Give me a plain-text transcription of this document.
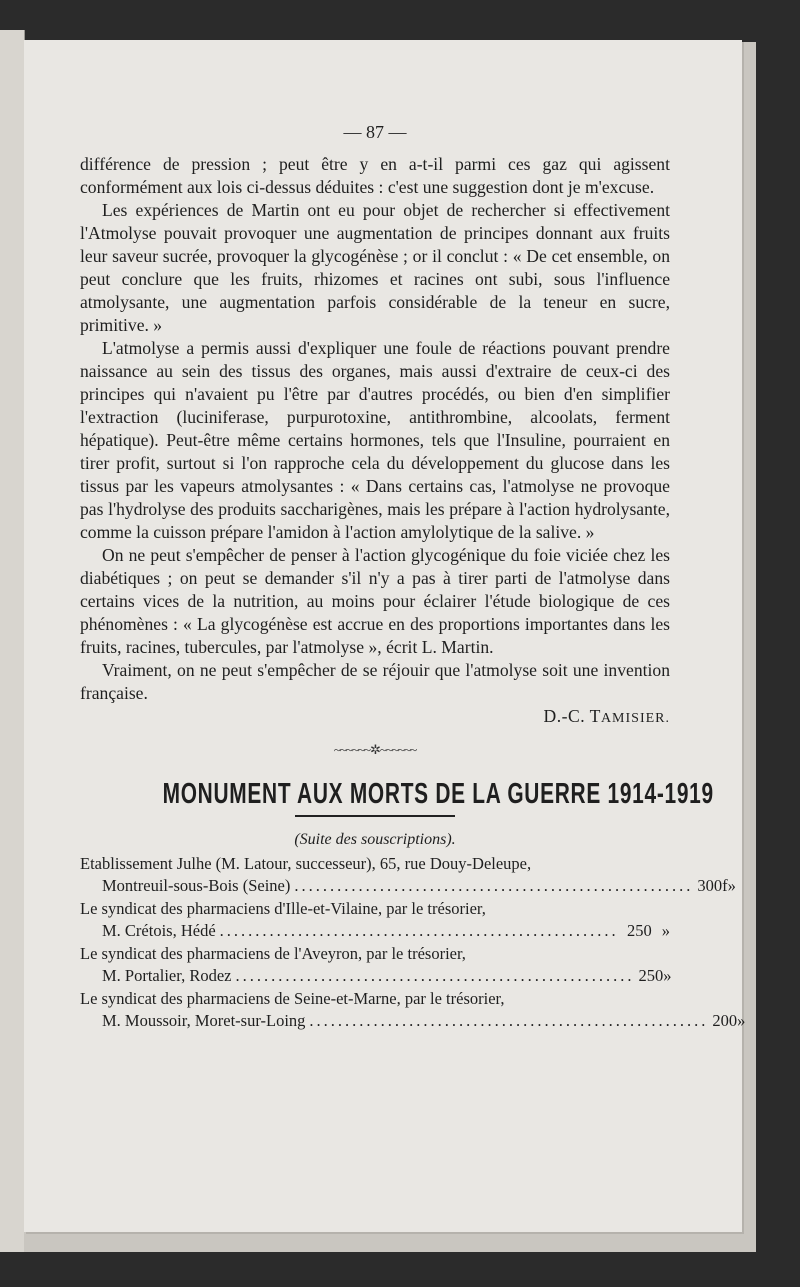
— 87 —

différence de pression ; peut être y en a-t-il parmi ces gaz qui agissent conformément aux lois ci-dessus déduites : c'est une suggestion dont je m'excuse.

Les expériences de Martin ont eu pour objet de rechercher si effectivement l'Atmolyse pouvait provoquer une augmentation de principes donnant aux fruits leur saveur sucrée, provoquer la glycogénèse ; or il conclut : « De cet ensemble, on peut conclure que les fruits, rhizomes et racines ont subi, sous l'influence atmolysante, une augmentation parfois considérable de la teneur en sucre, primitive. »

L'atmolyse a permis aussi d'expliquer une foule de réactions pouvant prendre naissance au sein des tissus des organes, mais aussi d'extraire de ceux-ci des principes qui n'avaient pu l'être par d'autres procédés, ou bien d'en simplifier l'extraction (luciniferase, purpurotoxine, antithrombine, alcoolats, ferment hépatique). Peut-être même certains hormones, tels que l'Insuline, pourraient en tirer profit, surtout si l'on rapproche cela du développement du glucose dans les tissus par les vapeurs atmolysantes : « Dans certains cas, l'atmolyse ne provoque pas l'hydrolyse des produits saccharigènes, mais les prépare à l'action hydrolysante, comme la cuisson prépare l'amidon à l'action amylolytique de la salive. »

On ne peut s'empêcher de penser à l'action glycogénique du foie viciée chez les diabétiques ; on peut se demander s'il n'y a pas à tirer parti de l'atmolyse dans certains vices de la nutrition, au moins pour éclairer l'étude biologique de ces phénomènes : « La glycogénèse est accrue en des proportions importantes dans les fruits, racines, tubercules, par l'atmolyse », écrit L. Martin.

Vraiment, on ne peut s'empêcher de se réjouir que l'atmolyse soit une invention française.

D.-C. TAMISIER.
~~~~~~✲~~~~~~
MONUMENT AUX MORTS DE LA GUERRE 1914-1919
(Suite des souscriptions).
Etablissement Julhe (M. Latour, successeur), 65, rue Douy-Deleupe,
Montreuil-sous-Bois (Seine) ........................................................ 300f »
Le syndicat des pharmaciens d'Ille-et-Vilaine, par le trésorier,
M. Crétois, Hédé ........................................................ 250 »
Le syndicat des pharmaciens de l'Aveyron, par le trésorier,
M. Portalier, Rodez ........................................................ 250 »
Le syndicat des pharmaciens de Seine-et-Marne, par le trésorier,
M. Moussoir, Moret-sur-Loing ........................................................ 200 »
